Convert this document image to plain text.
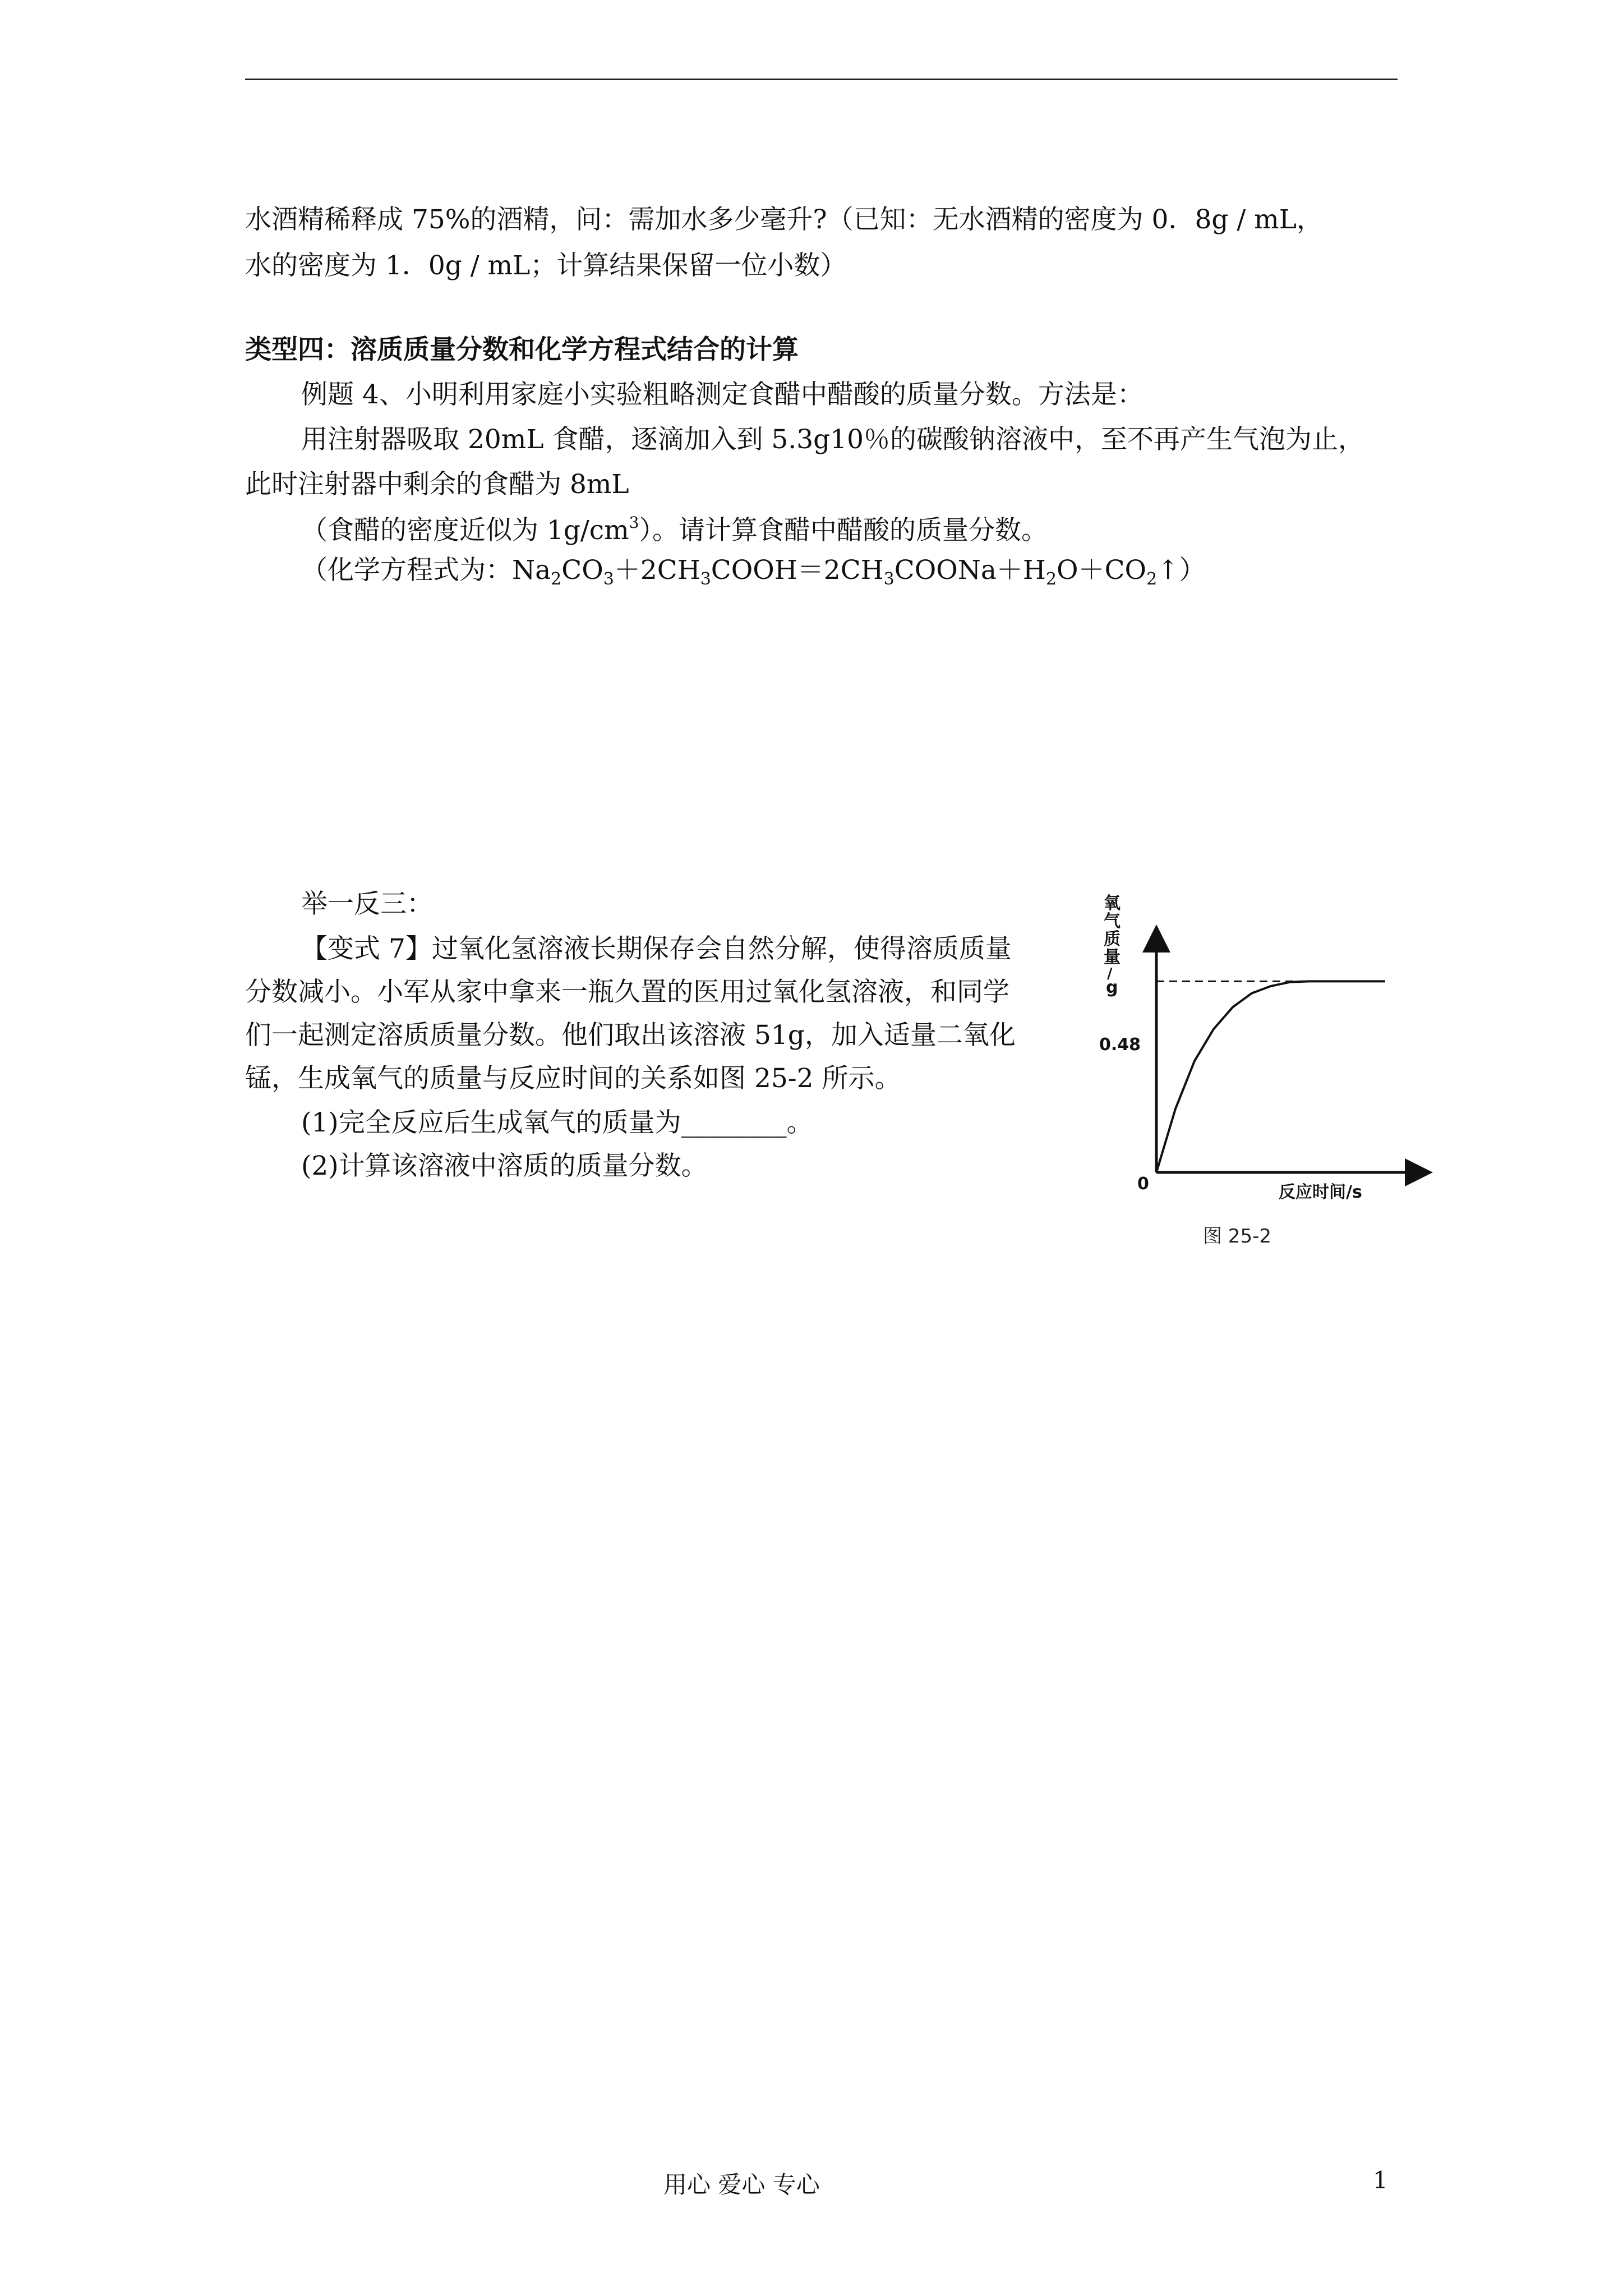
水酒精稀释成 75%的酒精，问：需加水多少毫升?（已知：无水酒精的密度为 0．8g / mL，
水的密度为 1．0g / mL；计算结果保留一位小数）
类型四：溶质质量分数和化学方程式结合的计算
例题 4、小明利用家庭小实验粗略测定食醋中醋酸的质量分数。方法是：
用注射器吸取 20mL 食醋，逐滴加入到 5.3g10％的碳酸钠溶液中，至不再产生气泡为止，
此时注射器中剩余的食醋为 8mL
（食醋的密度近似为 $1g/cm^3$）。请计算食醋中醋酸的质量分数。
（化学方程式为：$Na_2CO_3+2CH_3COOH=2CH_3COONa+H_2O+CO_2↑$）
举一反三：
【变式 7】过氧化氢溶液长期保存会自然分解，使得溶质质量
分数减小。小军从家中拿来一瓶久置的医用过氧化氢溶液，和同学
们一起测定溶质质量分数。他们取出该溶液 51g，加入适量二氧化
锰，生成氧气的质量与反应时间的关系如图 25-2 所示。
(1)完全反应后生成氧气的质量为________。
(2)计算该溶液中溶质的质量分数。
氧
气
质
量
/
g
0
0.48
反应时间/s
图 25-2
用心 爱心 专心	1
